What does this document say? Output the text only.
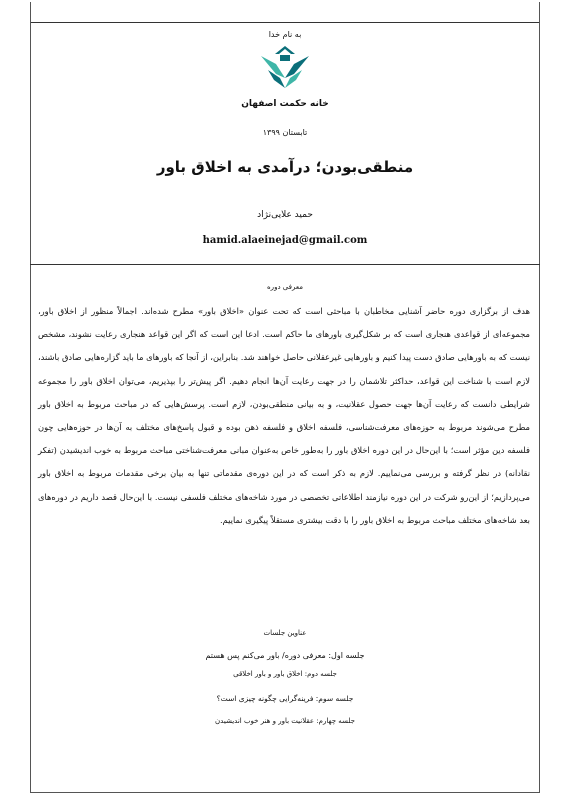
به نام خدا
خانه حکمت اصفهان
تابستان ۱۳۹۹
منطقی‌بودن؛ درآمدی به اخلاق باور
حمید علایی‌نژاد
hamid.alaeinejad@gmail.com
معرفی دوره
هدف از برگزاری دوره حاضر آشنایی مخاطبان با مباحثی است که تحت عنوان «اخلاق باور» مطرح شده‌اند. اجمالاً منظور از اخلاق باور، مجموعه‌ای از قواعدی هنجاری است که بر شکل‌گیری باورهای ما حاکم است. ادعا این است که اگر این قواعد هنجاری رعایت نشوند، مشخص نیست که به باورهایی صادق دست پیدا کنیم و باورهایی غیرعقلانی حاصل خواهند شد. بنابراین، از آنجا که باورهای ما باید گزاره‌هایی صادق باشند، لازم است با شناخت این قواعد، حداکثر تلاشمان را در جهت رعایت آن‌ها انجام دهیم. اگر پیش‌تر را بپذیریم، می‌توان اخلاق باور را مجموعه شرایطی دانست که رعایت آن‌ها جهت حصول عقلانیت، و به بیانی منطقی‌بودن، لازم است. پرسش‌هایی که در مباحث مربوط به اخلاق باور مطرح می‌شوند مربوط به حوزه‌های معرفت‌شناسی، فلسفه اخلاق و فلسفه ذهن بوده و قبول پاسخ‌های مختلف به آن‌ها در حوزه‌هایی چون فلسفه دین مؤثر است؛ با این‌حال در این دوره اخلاق باور را به‌طور خاص به‌عنوان مبانی معرفت‌شناختی مباحث مربوط به خوب اندیشیدن (تفکر نقادانه) در نظر گرفته و بررسی می‌نماییم. لازم به ذکر است که در این دوره‌ی مقدماتی تنها به بیان برخی مقدمات مربوط به اخلاق باور می‌پردازیم؛ از این‌رو شرکت در این دوره نیازمند اطلاعاتی تخصصی در مورد شاخه‌های مختلف فلسفی نیست. با این‌حال قصد داریم در دوره‌های بعد شاخه‌های مختلف مباحث مربوط به اخلاق باور را با دقت بیشتری مستقلاً پیگیری نماییم.
عناوین جلسات
جلسه اول: معرفی دوره/ باور می‌کنم پس هستم
جلسه دوم: اخلاق باور و باور اخلاقی
جلسه سوم: فرینه‌گرایی چگونه چیزی است؟
جلسه چهارم: عقلانیت باور و هنر خوب اندیشیدن
